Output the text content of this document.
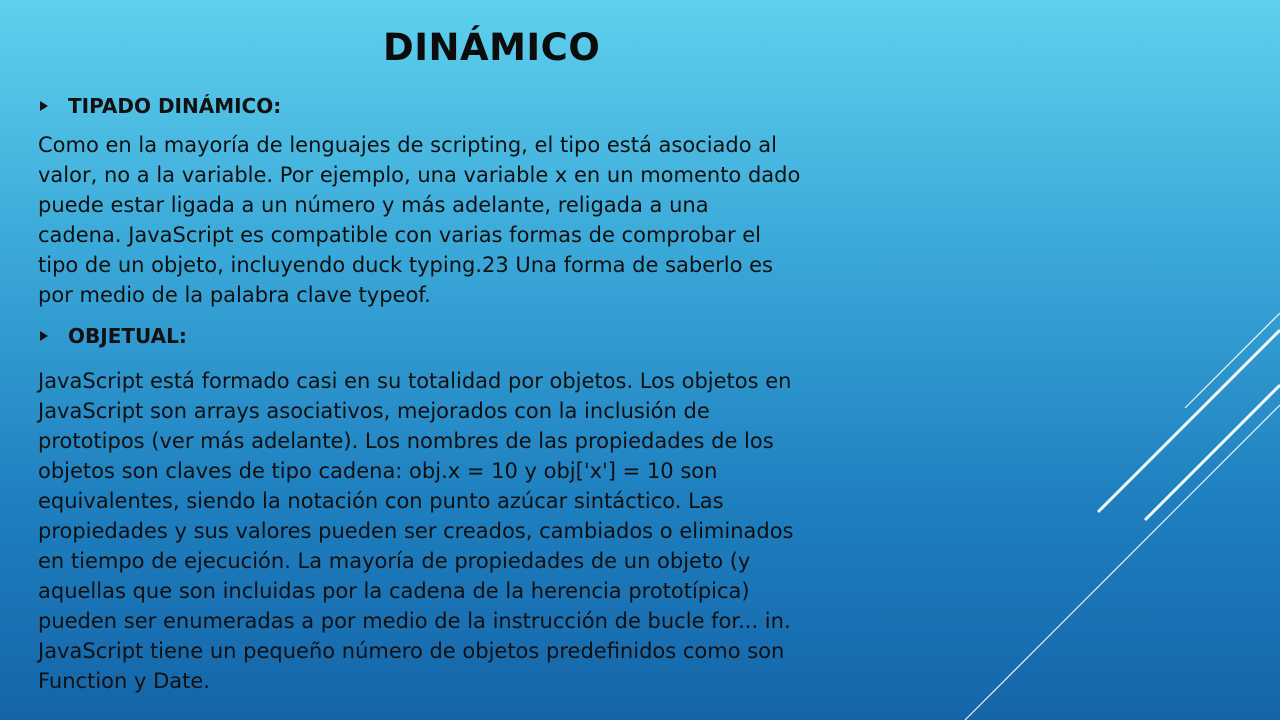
DINÁMICO
TIPADO DINÁMICO:

Como en la mayoría de lenguajes de scripting, el tipo está asociado al
valor, no a la variable. Por ejemplo, una variable x en un momento dado
puede estar ligada a un número y más adelante, religada a una
cadena. JavaScript es compatible con varias formas de comprobar el
tipo de un objeto, incluyendo duck typing.23 Una forma de saberlo es
por medio de la palabra clave typeof.

OBJETUAL:

JavaScript está formado casi en su totalidad por objetos. Los objetos en
JavaScript son arrays asociativos, mejorados con la inclusión de
prototipos (ver más adelante). Los nombres de las propiedades de los
objetos son claves de tipo cadena: obj.x = 10 y obj['x'] = 10 son
equivalentes, siendo la notación con punto azúcar sintáctico. Las
propiedades y sus valores pueden ser creados, cambiados o eliminados
en tiempo de ejecución. La mayoría de propiedades de un objeto (y
aquellas que son incluidas por la cadena de la herencia prototípica)
pueden ser enumeradas a por medio de la instrucción de bucle for... in.
JavaScript tiene un pequeño número de objetos predefinidos como son
Function y Date.
